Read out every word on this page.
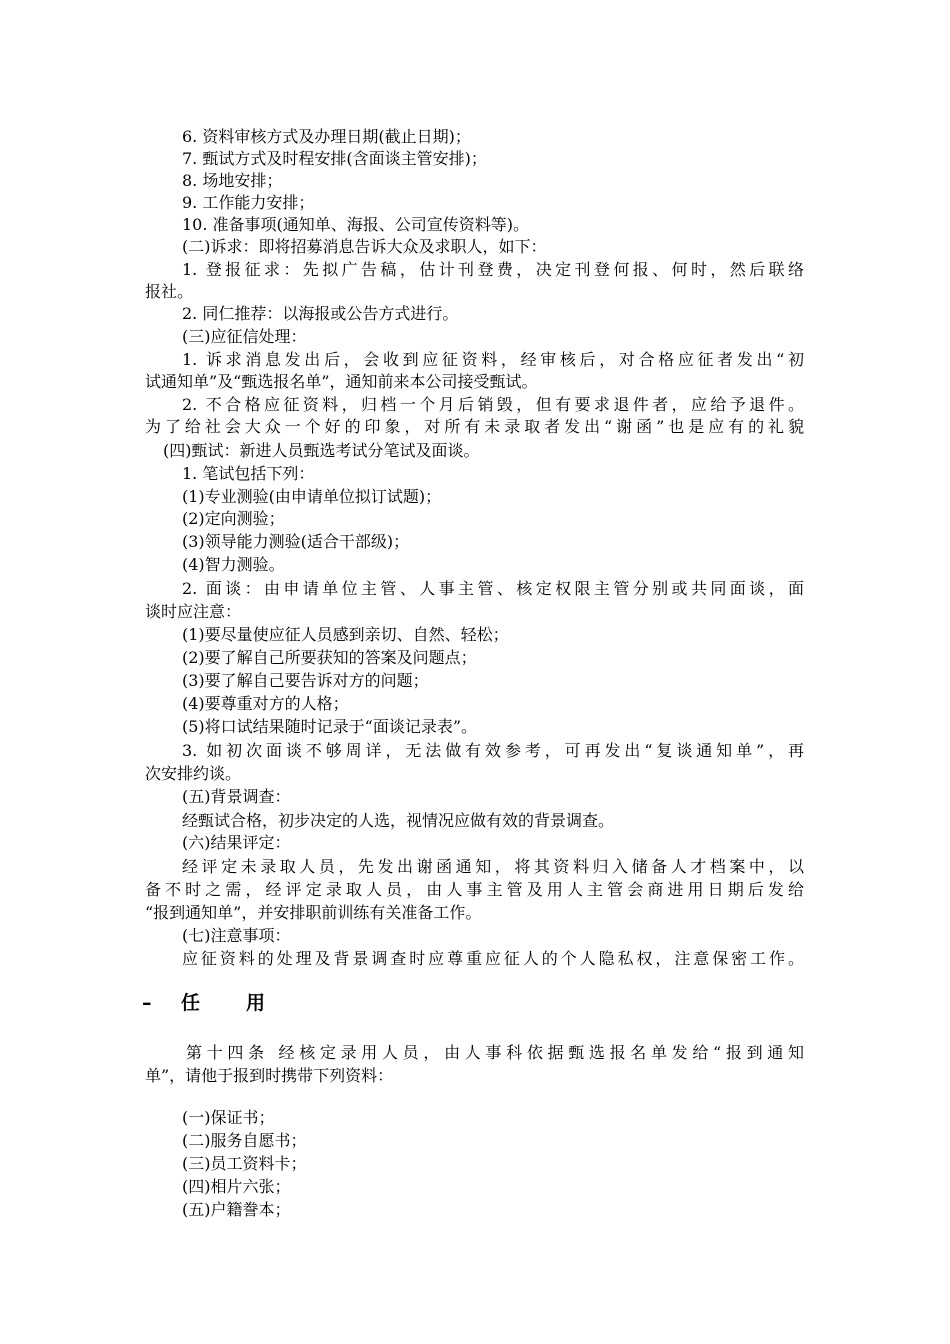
6. 资料审核方式及办理日期(截止日期)；
7. 甄试方式及时程安排(含面谈主管安排)；
8. 场地安排；
9. 工作能力安排；
10. 准备事项(通知单、海报、公司宣传资料等)。
(二)诉求：即将招募消息告诉大众及求职人，如下：
1. 登报征求：先拟广告稿，估计刊登费，决定刊登何报、何时，然后联络
报社。
2. 同仁推荐：以海报或公告方式进行。
(三)应征信处理：
1. 诉求消息发出后，会收到应征资料，经审核后，对合格应征者发出“初
试通知单”及“甄选报名单”，通知前来本公司接受甄试。
2. 不合格应征资料，归档一个月后销毁，但有要求退件者，应给予退件。
为了给社会大众一个好的印象，对所有未录取者发出“谢函”也是应有的礼貌
(四)甄试：新进人员甄选考试分笔试及面谈。
1. 笔试包括下列：
(1)专业测验(由申请单位拟订试题)；
(2)定向测验；
(3)领导能力测验(适合干部级)；
(4)智力测验。
2. 面谈：由申请单位主管、人事主管、核定权限主管分别或共同面谈，面
谈时应注意：
(1)要尽量使应征人员感到亲切、自然、轻松；
(2)要了解自己所要获知的答案及问题点；
(3)要了解自己要告诉对方的问题；
(4)要尊重对方的人格；
(5)将口试结果随时记录于“面谈记录表”。
3. 如初次面谈不够周详，无法做有效参考，可再发出“复谈通知单”，再
次安排约谈。
(五)背景调查：
经甄试合格，初步决定的人选，视情况应做有效的背景调查。
(六)结果评定：
经评定未录取人员，先发出谢函通知，将其资料归入储备人才档案中，以
备不时之需，经评定录取人员，由人事主管及用人主管会商进用日期后发给
“报到通知单”，并安排职前训练有关准备工作。
(七)注意事项：
应征资料的处理及背景调查时应尊重应征人的个人隐私权，注意保密工作。
– 任 用
第十四条 经核定录用人员，由人事科依据甄选报名单发给“报到通知
单”，请他于报到时携带下列资料：
(一)保证书；
(二)服务自愿书；
(三)员工资料卡；
(四)相片六张；
(五)户籍誊本；
